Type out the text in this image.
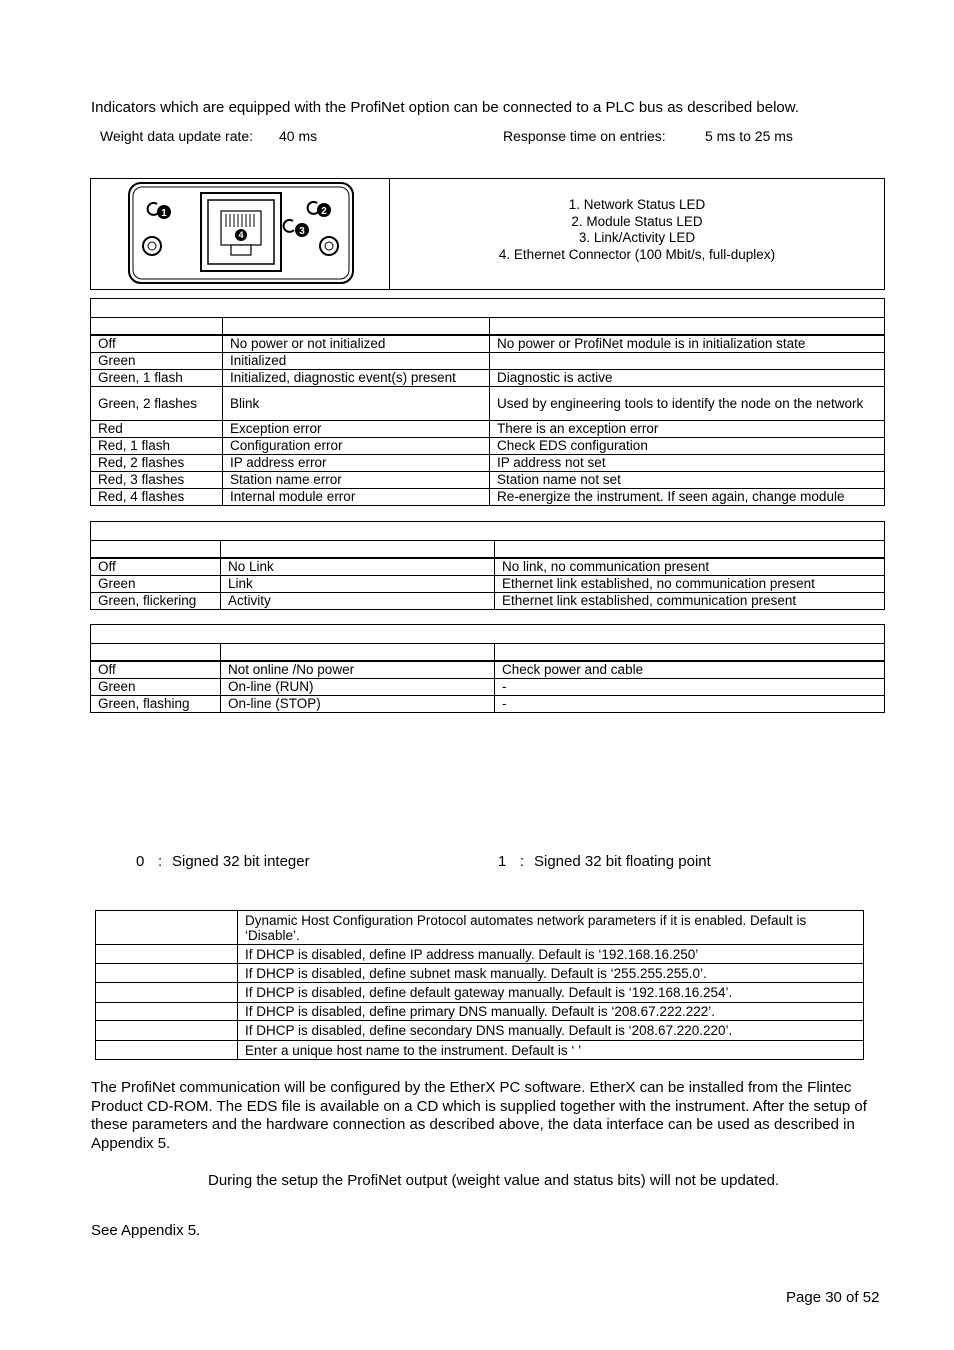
Indicators which are equipped with the ProfiNet option can be connected to a PLC bus as described below.
Weight data update rate: 40 ms	Response time on entries:	5 ms to 25 ms
1	2
3
4

1. Network Status LED
2. Module Status LED
3. Link/Activity LED
4. Ethernet Connector (100 Mbit/s, full-duplex)

Off	No power or not initialized	No power or ProfiNet module is in initialization state
Green	Initialized	
Green, 1 flash	Initialized, diagnostic event(s) present	Diagnostic is active
Green, 2 flashes	Blink	Used by engineering tools to identify the node on the network
Red	Exception error	There is an exception error
Red, 1 flash	Configuration error	Check EDS configuration
Red, 2 flashes	IP address error	IP address not set
Red, 3 flashes	Station name error	Station name not set
Red, 4 flashes	Internal module error	Re-energize the instrument. If seen again, change module

Off	No Link	No link, no communication present
Green	Link	Ethernet link established, no communication present
Green, flickering	Activity	Ethernet link established, communication present

Off	Not online /No power	Check power and cable
Green	On-line (RUN)	-
Green, flashing	On-line (STOP)	-
0 : Signed 32 bit integer	1 : Signed 32 bit floating point
	Dynamic Host Configuration Protocol automates network parameters if it is enabled. Default is ‘Disable’.
	If DHCP is disabled, define IP address manually. Default is ‘192.168.16.250’
	If DHCP is disabled, define subnet mask manually. Default is ‘255.255.255.0’.
	If DHCP is disabled, define default gateway manually. Default is ‘192.168.16.254’.
	If DHCP is disabled, define primary DNS manually. Default is ‘208.67.222.222’.
	If DHCP is disabled, define secondary DNS manually. Default is ‘208.67.220.220’.
	Enter a unique host name to the instrument. Default is ‘ ’
The ProfiNet communication will be configured by the EtherX PC software. EtherX can be installed from the Flintec Product CD-ROM. The EDS file is available on a CD which is supplied together with the instrument. After the setup of these parameters and the hardware connection as described above, the data interface can be used as described in Appendix 5.
During the setup the ProfiNet output (weight value and status bits) will not be updated.
See Appendix 5.
Page 30 of 52
